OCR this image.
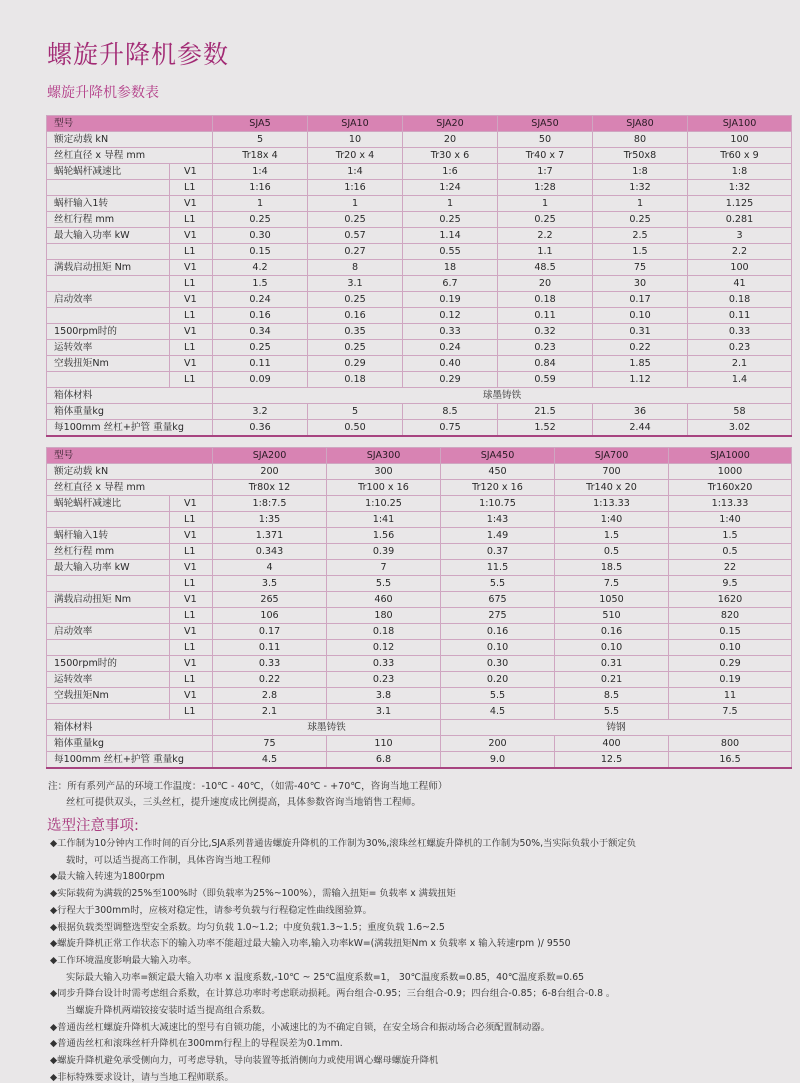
螺旋升降机参数
螺旋升降机参数表
型号		SJA5	SJA10	SJA20	SJA50	SJA80	SJA100
额定动载 kN		5	10	20	50	80	100
丝杠直径 x 导程 mm		Tr18x 4	Tr20 x 4	Tr30 x 6	Tr40 x 7	Tr50x8	Tr60 x 9
蜗轮蜗杆减速比	V1	1:4	1:4	1:6	1:7	1:8	1:8
	L1	1:16	1:16	1:24	1:28	1:32	1:32
蜗杆输入1转	V1	1	1	1	1	1	1.125
丝杠行程 mm	L1	0.25	0.25	0.25	0.25	0.25	0.281
最大输入功率 kW	V1	0.30	0.57	1.14	2.2	2.5	3
	L1	0.15	0.27	0.55	1.1	1.5	2.2
满载启动扭矩 Nm	V1	4.2	8	18	48.5	75	100
	L1	1.5	3.1	6.7	20	30	41
启动效率	V1	0.24	0.25	0.19	0.18	0.17	0.18
	L1	0.16	0.16	0.12	0.11	0.10	0.11
1500rpm时的	V1	0.34	0.35	0.33	0.32	0.31	0.33
运转效率	L1	0.25	0.25	0.24	0.23	0.22	0.23
空载扭矩Nm	V1	0.11	0.29	0.40	0.84	1.85	2.1
	L1	0.09	0.18	0.29	0.59	1.12	1.4
箱体材料		球墨铸铁					
箱体重量kg		3.2	5	8.5	21.5	36	58
每100mm 丝杠+护管 重量kg		0.36	0.50	0.75	1.52	2.44	3.02
型号		SJA200	SJA300	SJA450	SJA700	SJA1000
额定动载 kN		200	300	450	700	1000
丝杠直径 x 导程 mm		Tr80x 12	Tr100 x 16	Tr120 x 16	Tr140 x 20	Tr160x20
蜗轮蜗杆减速比	V1	1:8:7.5	1:10.25	1:10.75	1:13.33	1:13.33
	L1	1:35	1:41	1:43	1:40	1:40
蜗杆输入1转	V1	1.371	1.56	1.49	1.5	1.5
丝杠行程 mm	L1	0.343	0.39	0.37	0.5	0.5
最大输入功率 kW	V1	4	7	11.5	18.5	22
	L1	3.5	5.5	5.5	7.5	9.5
满载启动扭矩 Nm	V1	265	460	675	1050	1620
	L1	106	180	275	510	820
启动效率	V1	0.17	0.18	0.16	0.16	0.15
	L1	0.11	0.12	0.10	0.10	0.10
1500rpm时的	V1	0.33	0.33	0.30	0.31	0.29
运转效率	L1	0.22	0.23	0.20	0.21	0.19
空载扭矩Nm	V1	2.8	3.8	5.5	8.5	11
	L1	2.1	3.1	4.5	5.5	7.5
箱体材料		球墨铸铁		铸钢		
箱体重量kg		75	110	200	400	800
每100mm 丝杠+护管 重量kg		4.5	6.8	9.0	12.5	16.5
注：所有系列产品的环境工作温度：-10℃ - 40℃，（如需-40℃ - +70℃，咨询当地工程师）
丝杠可提供双头，三头丝杠，提升速度成比例提高，具体参数咨询当地销售工程师。
选型注意事项:
◆工作制为10分钟内工作时间的百分比,SJA系列普通齿螺旋升降机的工作制为30%,滚珠丝杠螺旋升降机的工作制为50%,当实际负载小于额定负
载时，可以适当提高工作制，具体咨询当地工程师
◆最大输入转速为1800rpm
◆实际载荷为满载的25%至100%时（即负载率为25%~100%），需输入扭矩= 负载率 x 满载扭矩
◆行程大于300mm时，应核对稳定性，请参考负载与行程稳定性曲线图验算。
◆根据负载类型调整选型安全系数。均匀负载 1.0~1.2；中度负载1.3~1.5；重度负载 1.6~2.5
◆螺旋升降机正常工作状态下的输入功率不能超过最大输入功率,输入功率kW=(满载扭矩Nm x 负载率 x 输入转速rpm )/ 9550
◆工作环境温度影响最大输入功率。
实际最大输入功率=额定最大输入功率 x 温度系数,-10℃ ~ 25℃温度系数=1， 30℃温度系数=0.85，40℃温度系数=0.65
◆同步升降台设计时需考虑组合系数，在计算总功率时考虑联动损耗。两台组合-0.95；三台组合-0.9；四台组合-0.85；6-8台组合-0.8 。
当螺旋升降机两端铰接安装时适当提高组合系数。
◆普通齿丝杠螺旋升降机大减速比的型号有自锁功能，小减速比的为不确定自锁，在安全场合和振动场合必须配置制动器。
◆普通齿丝杠和滚珠丝杆升降机在300mm行程上的导程误差为0.1mm.
◆螺旋升降机避免承受侧向力，可考虑导轨，导向装置等抵消侧向力或使用调心螺母螺旋升降机
◆非标特殊要求设计，请与当地工程师联系。
